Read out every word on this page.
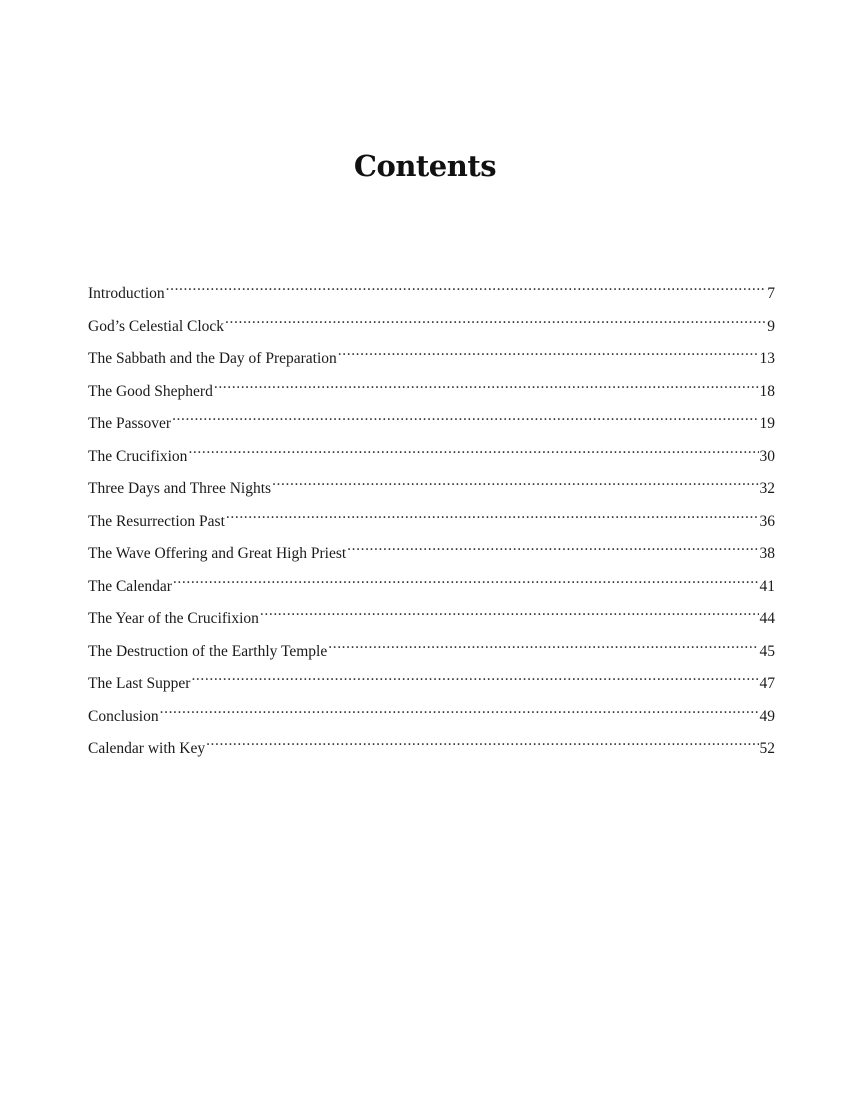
Contents
Introduction .....	7
God’s Celestial Clock .....	9
The Sabbath and the Day of Preparation .....	13
The Good Shepherd .....	18
The Passover .....	19
The Crucifixion .....	30
Three Days and Three Nights .....	32
The Resurrection Past .....	36
The Wave Offering and Great High Priest .....	38
The Calendar .....	41
The Year of the Crucifixion .....	44
The Destruction of the Earthly Temple .....	45
The Last Supper .....	47
Conclusion .....	49
Calendar with Key .....	52
